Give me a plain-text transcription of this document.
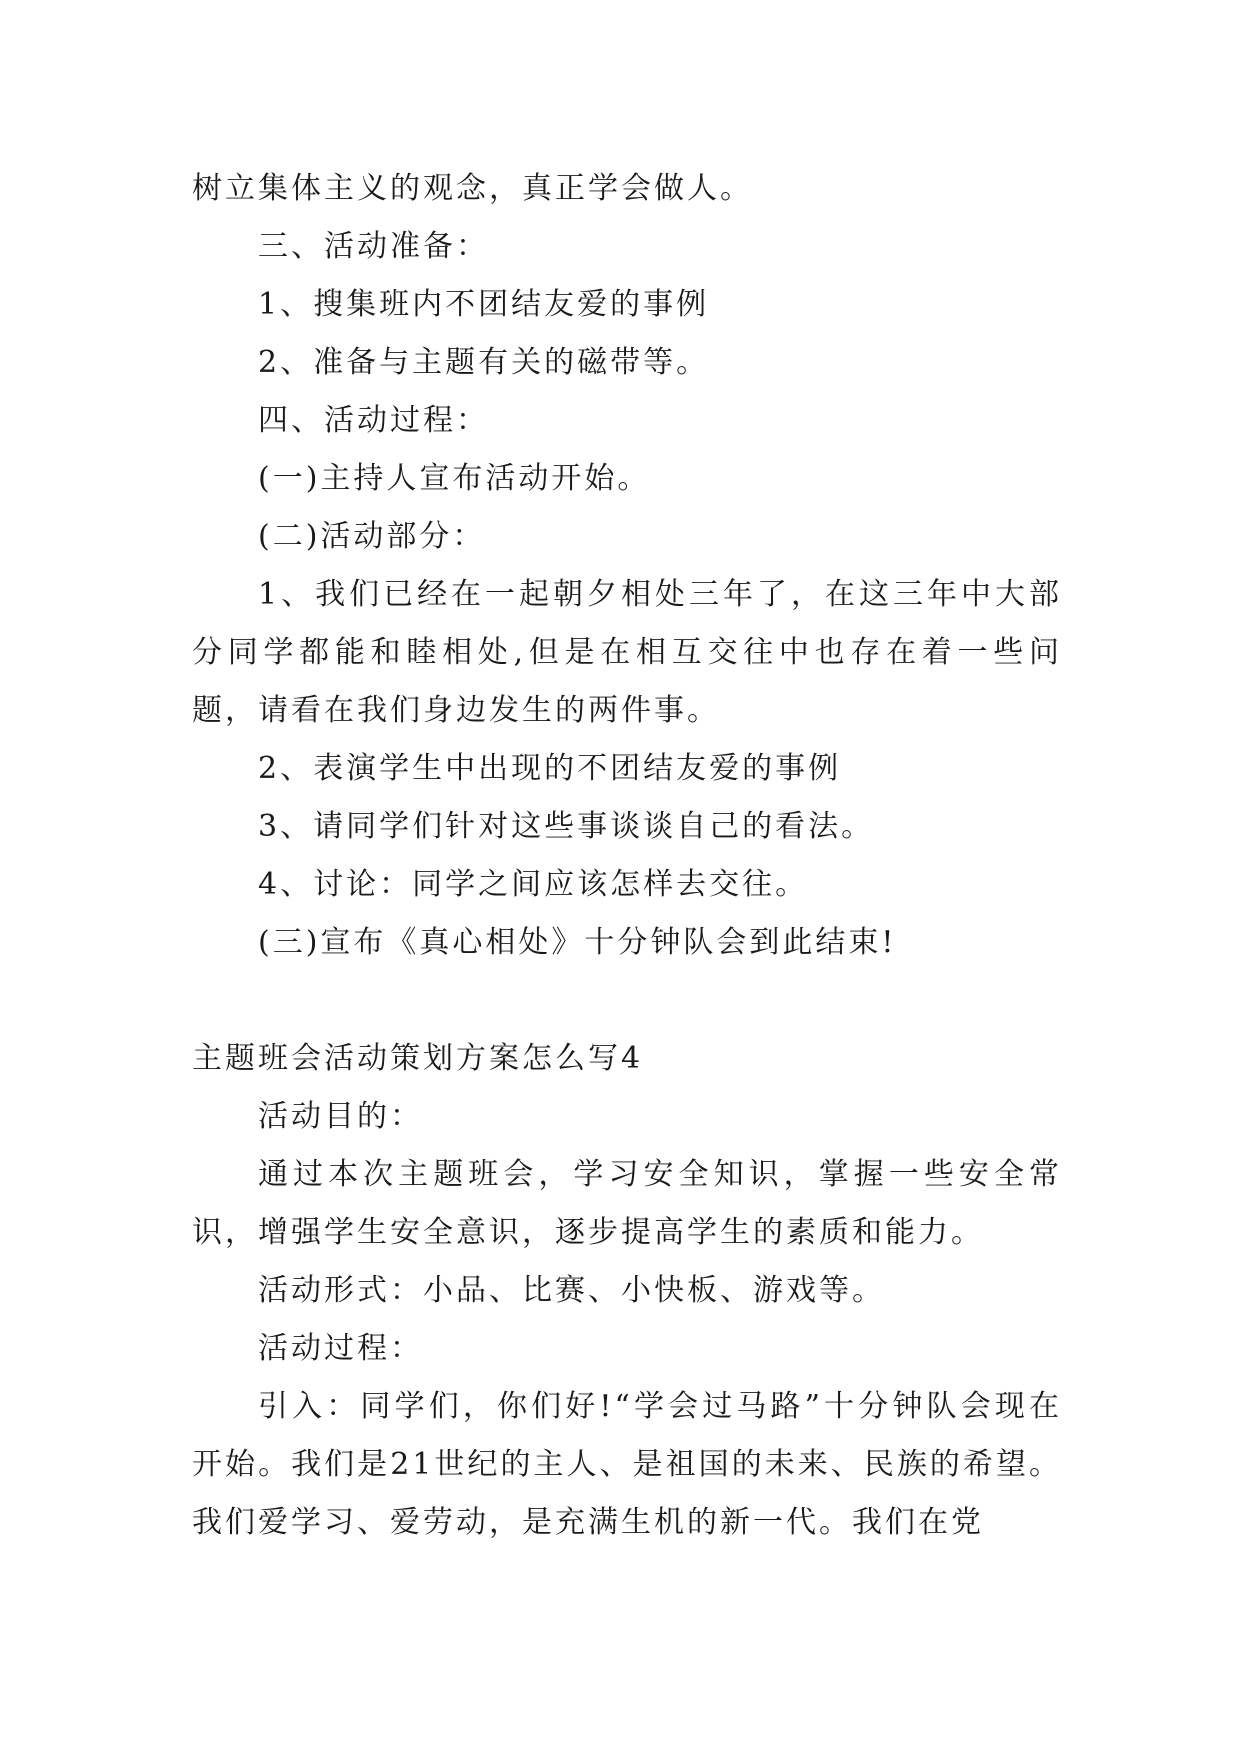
树立集体主义的观念，真正学会做人。

三、活动准备：

1、搜集班内不团结友爱的事例

2、准备与主题有关的磁带等。

四、活动过程：

(一)主持人宣布活动开始。

(二)活动部分：

1、我们已经在一起朝夕相处三年了，在这三年中大部分同学都能和睦相处,但是在相互交往中也存在着一些问题，请看在我们身边发生的两件事。

2、表演学生中出现的不团结友爱的事例

3、请同学们针对这些事谈谈自己的看法。

4、讨论：同学之间应该怎样去交往。

(三)宣布《真心相处》十分钟队会到此结束!

主题班会活动策划方案怎么写4

活动目的：

通过本次主题班会，学习安全知识，掌握一些安全常识，增强学生安全意识，逐步提高学生的素质和能力。

活动形式：小品、比赛、小快板、游戏等。

活动过程：

引入：同学们，你们好!“学会过马路”十分钟队会现在开始。我们是21世纪的主人、是祖国的未来、民族的希望。我们爱学习、爱劳动，是充满生机的新一代。我们在党
